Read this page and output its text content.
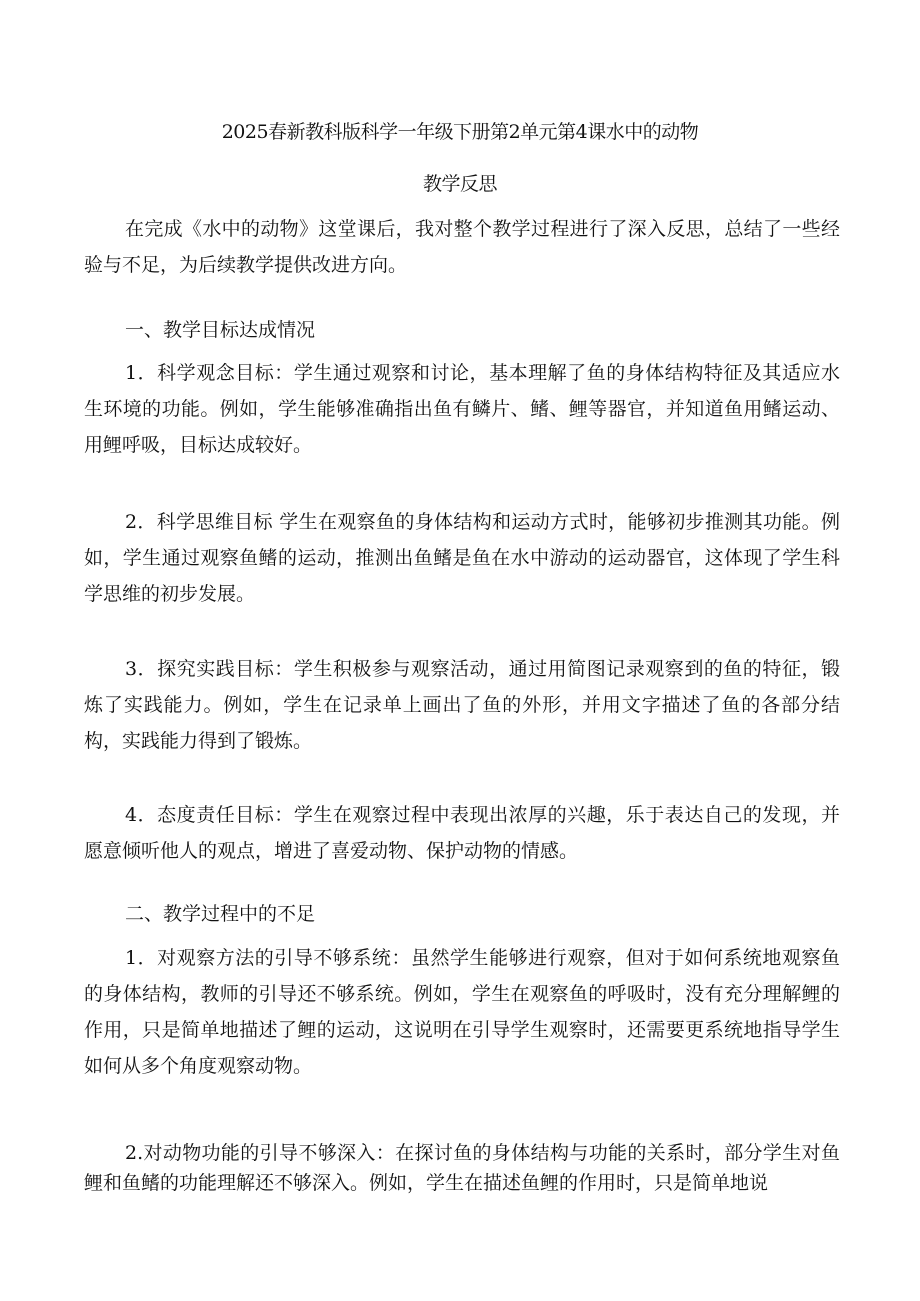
2025春新教科版科学一年级下册第2单元第4课水中的动物
教学反思
在完成《水中的动物》这堂课后，我对整个教学过程进行了深入反思，总结了一些经验与不足，为后续教学提供改进方向。
一、教学目标达成情况
1．科学观念目标：学生通过观察和讨论，基本理解了鱼的身体结构特征及其适应水生环境的功能。例如，学生能够准确指出鱼有鳞片、鳍、鲤等器官，并知道鱼用鳍运动、用鲤呼吸，目标达成较好。
2．科学思维目标 学生在观察鱼的身体结构和运动方式时，能够初步推测其功能。例如，学生通过观察鱼鳍的运动，推测出鱼鳍是鱼在水中游动的运动器官，这体现了学生科学思维的初步发展。
3．探究实践目标：学生积极参与观察活动，通过用简图记录观察到的鱼的特征，锻炼了实践能力。例如，学生在记录单上画出了鱼的外形，并用文字描述了鱼的各部分结构，实践能力得到了锻炼。
4．态度责任目标：学生在观察过程中表现出浓厚的兴趣，乐于表达自己的发现，并愿意倾听他人的观点，增进了喜爱动物、保护动物的情感。
二、教学过程中的不足
1．对观察方法的引导不够系统：虽然学生能够进行观察，但对于如何系统地观察鱼的身体结构，教师的引导还不够系统。例如，学生在观察鱼的呼吸时，没有充分理解鲤的作用，只是简单地描述了鲤的运动，这说明在引导学生观察时，还需要更系统地指导学生如何从多个角度观察动物。
2.对动物功能的引导不够深入：在探讨鱼的身体结构与功能的关系时，部分学生对鱼鲤和鱼鳍的功能理解还不够深入。例如，学生在描述鱼鲤的作用时，只是简单地说
